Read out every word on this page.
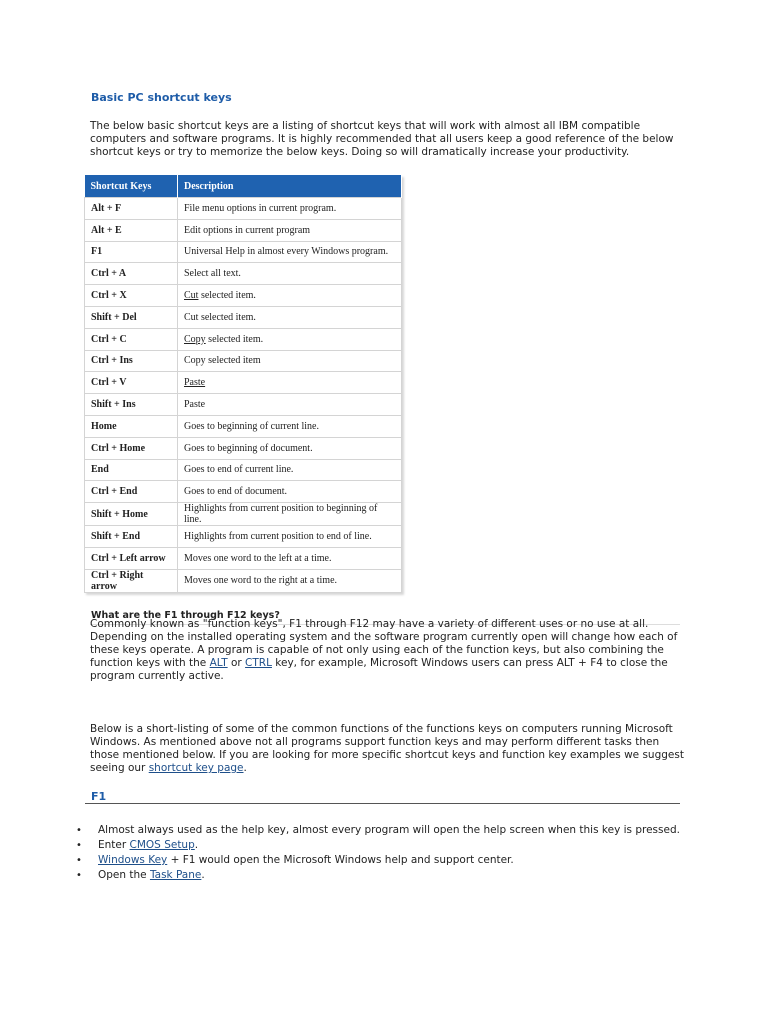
Basic PC shortcut keys
The below basic shortcut keys are a listing of shortcut keys that will work with almost all IBM compatible computers and software programs. It is highly recommended that all users keep a good reference of the below shortcut keys or try to memorize the below keys. Doing so will dramatically increase your productivity.
Shortcut Keys	Description
Alt + F	File menu options in current program.
Alt + E	Edit options in current program
F1	Universal Help in almost every Windows program.
Ctrl + A	Select all text.
Ctrl + X	Cut selected item.
Shift + Del	Cut selected item.
Ctrl + C	Copy selected item.
Ctrl + Ins	Copy selected item
Ctrl + V	Paste
Shift + Ins	Paste
Home	Goes to beginning of current line.
Ctrl + Home	Goes to beginning of document.
End	Goes to end of current line.
Ctrl + End	Goes to end of document.
Shift + Home	Highlights from current position to beginning of line.
Shift + End	Highlights from current position to end of line.
Ctrl + Left arrow	Moves one word to the left at a time.
Ctrl + Right arrow	Moves one word to the right at a time.
What are the F1 through F12 keys?
Commonly known as "function keys", F1 through F12 may have a variety of different uses or no use at all. Depending on the installed operating system and the software program currently open will change how each of these keys operate. A program is capable of not only using each of the function keys, but also combining the function keys with the ALT or CTRL key, for example, Microsoft Windows users can press ALT + F4 to close the program currently active.
Below is a short-listing of some of the common functions of the functions keys on computers running Microsoft Windows. As mentioned above not all programs support function keys and may perform different tasks then those mentioned below. If you are looking for more specific shortcut keys and function key examples we suggest seeing our shortcut key page.
F1
• Almost always used as the help key, almost every program will open the help screen when this key is pressed.
• Enter CMOS Setup.
• Windows Key + F1 would open the Microsoft Windows help and support center.
• Open the Task Pane.
